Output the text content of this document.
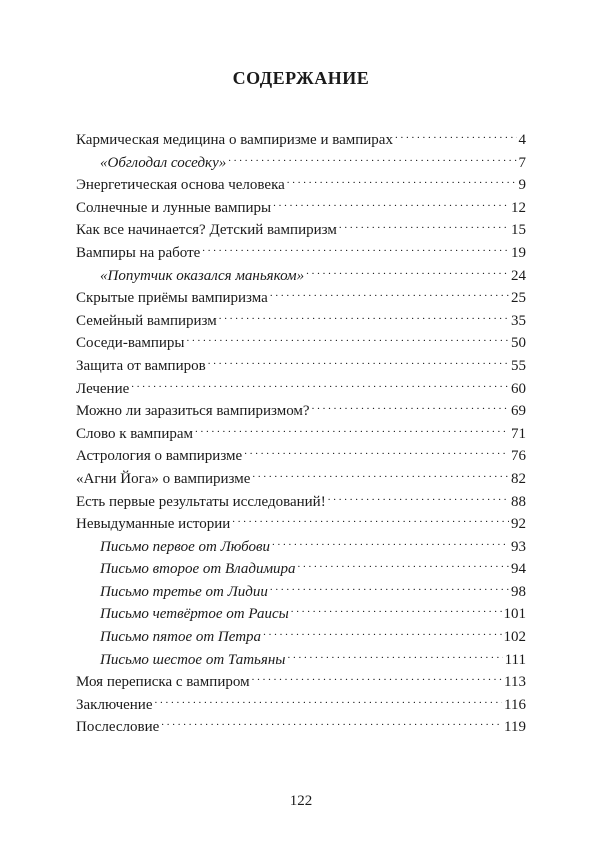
СОДЕРЖАНИЕ
Кармическая медицина о вампиризме и вампирах . . .	4
«Обглодал соседку» . . .	7
Энергетическая основа человека . . .	9
Солнечные и лунные вампиры . . .	12
Как все начинается? Детский вампиризм . . .	15
Вампиры на работе . . .	19
«Попутчик оказался маньяком» . . .	24
Скрытые приёмы вампиризма . . .	25
Семейный вампиризм . . .	35
Соседи-вампиры . . .	50
Защита от вампиров . . .	55
Лечение . . .	60
Можно ли заразиться вампиризмом? . . .	69
Слово к вампирам . . .	71
Астрология о вампиризме . . .	76
«Агни Йога» о вампиризме . . .	82
Есть первые результаты исследований! . . .	88
Невыдуманные истории . . .	92
Письмо первое от Любови . . .	93
Письмо второе от Владимира . . .	94
Письмо третье от Лидии . . .	98
Письмо четвёртое от Раисы . . .	101
Письмо пятое от Петра . . .	102
Письмо шестое от Татьяны . . .	111
Моя переписка с вампиром . . .	113
Заключение . . .	116
Послесловие . . .	119
122
